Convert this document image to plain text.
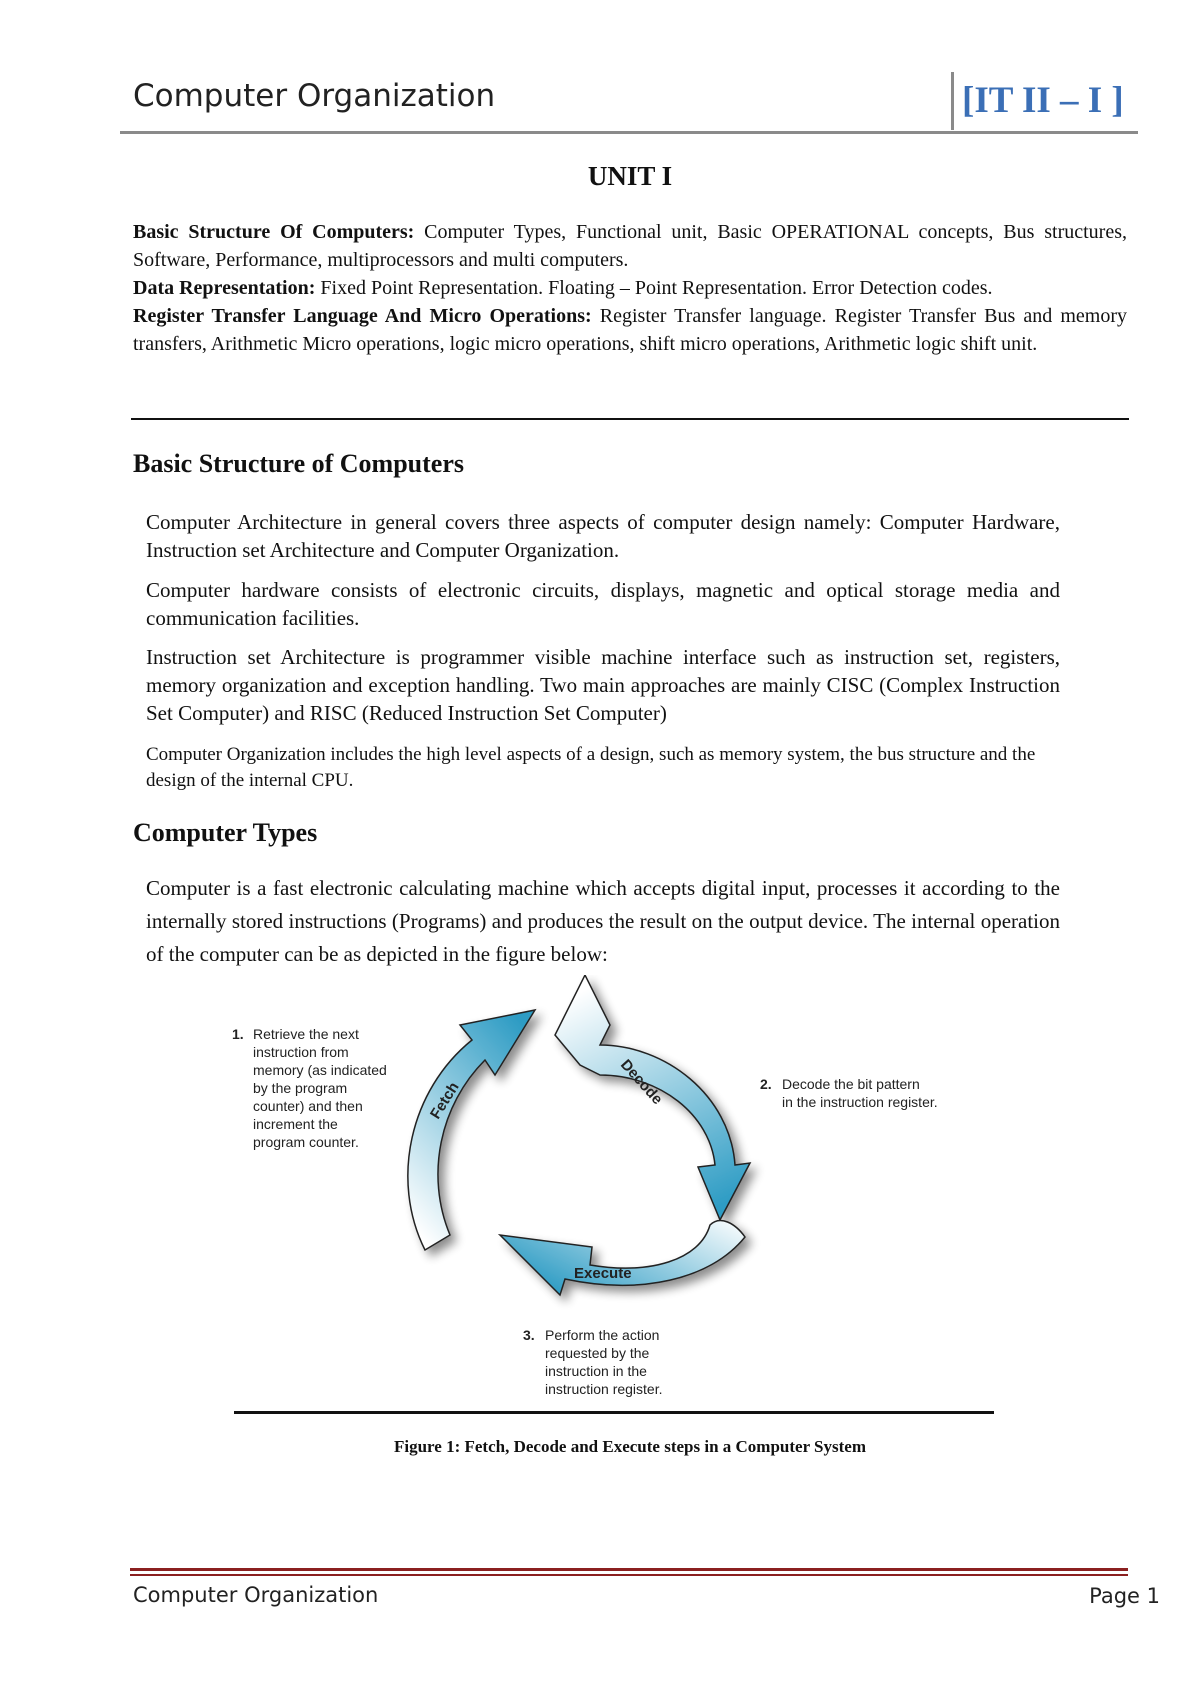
Computer Organization	[IT II – I ]
UNIT I

Basic Structure Of Computers: Computer Types, Functional unit, Basic OPERATIONAL concepts, Bus structures, Software, Performance, multiprocessors and multi computers.

Data Representation: Fixed Point Representation. Floating – Point Representation. Error Detection codes.

Register Transfer Language And Micro Operations: Register Transfer language. Register Transfer Bus and memory transfers, Arithmetic Micro operations, logic micro operations, shift micro operations, Arithmetic logic shift unit.

Basic Structure of Computers

Computer Architecture in general covers three aspects of computer design namely: Computer Hardware, Instruction set Architecture and Computer Organization.

Computer hardware consists of electronic circuits, displays, magnetic and optical storage media and communication facilities.

Instruction set Architecture is programmer visible machine interface such as instruction set, registers, memory organization and exception handling. Two main approaches are mainly CISC (Complex Instruction Set Computer) and RISC (Reduced Instruction Set Computer)

Computer Organization includes the high level aspects of a design, such as memory system, the bus structure and the design of the internal CPU.

Computer Types

Computer is a fast electronic calculating machine which accepts digital input, processes it according to the internally stored instructions (Programs) and produces the result on the output device. The internal operation of the computer can be as depicted in the figure below:

Fetch	Decode
Execute
1. Retrieve the next
instruction from
memory (as indicated
by the program
counter) and then
increment the
program counter.
2. Decode the bit pattern
in the instruction register.
3. Perform the action
requested by the
instruction in the
instruction register.
Figure 1: Fetch, Decode and Execute steps in a Computer System
Computer Organization	Page 1
